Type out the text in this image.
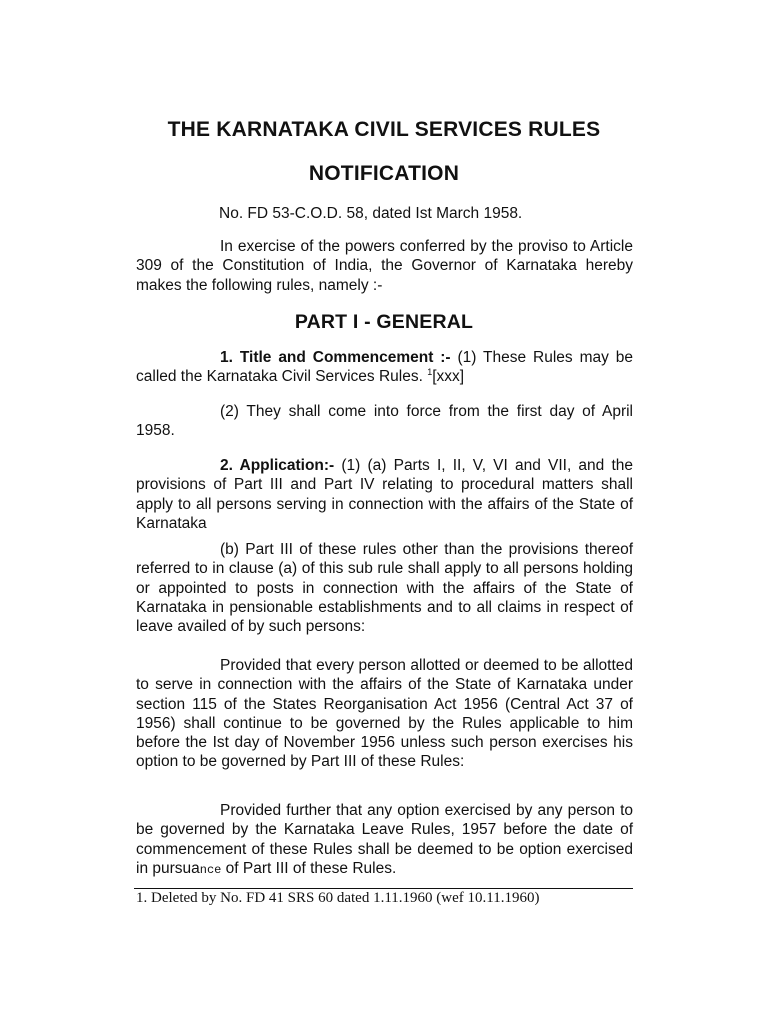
THE KARNATAKA CIVIL SERVICES RULES
NOTIFICATION
No. FD 53-C.O.D. 58, dated Ist March 1958.
In exercise of the powers conferred by the proviso to Article 309 of the Constitution of India, the Governor of Karnataka hereby makes the following rules, namely :-
PART I - GENERAL
1. Title and Commencement :- (1) These Rules may be called the Karnataka Civil Services Rules. $^1$[xxx]
(2) They shall come into force from the first day of April 1958.
2. Application:- (1) (a) Parts I, II, V, VI and VII, and the provisions of Part III and Part IV relating to procedural matters shall apply to all persons serving in connection with the affairs of the State of Karnataka
(b) Part III of these rules other than the provisions thereof referred to in clause (a) of this sub rule shall apply to all persons holding or appointed to posts in connection with the affairs of the State of Karnataka in pensionable establishments and to all claims in respect of leave availed of by such persons:
Provided that every person allotted or deemed to be allotted to serve in connection with the affairs of the State of Karnataka under section 115 of the States Reorganisation Act 1956 (Central Act 37 of 1956) shall continue to be governed by the Rules applicable to him before the Ist day of November 1956 unless such person exercises his option to be governed by Part III of these Rules:
Provided further that any option exercised by any person to be governed by the Karnataka Leave Rules, 1957 before the date of commencement of these Rules shall be deemed to be option exercised in pursuance of Part III of these Rules.
1. Deleted by No. FD 41 SRS 60 dated 1.11.1960 (wef 10.11.1960)
